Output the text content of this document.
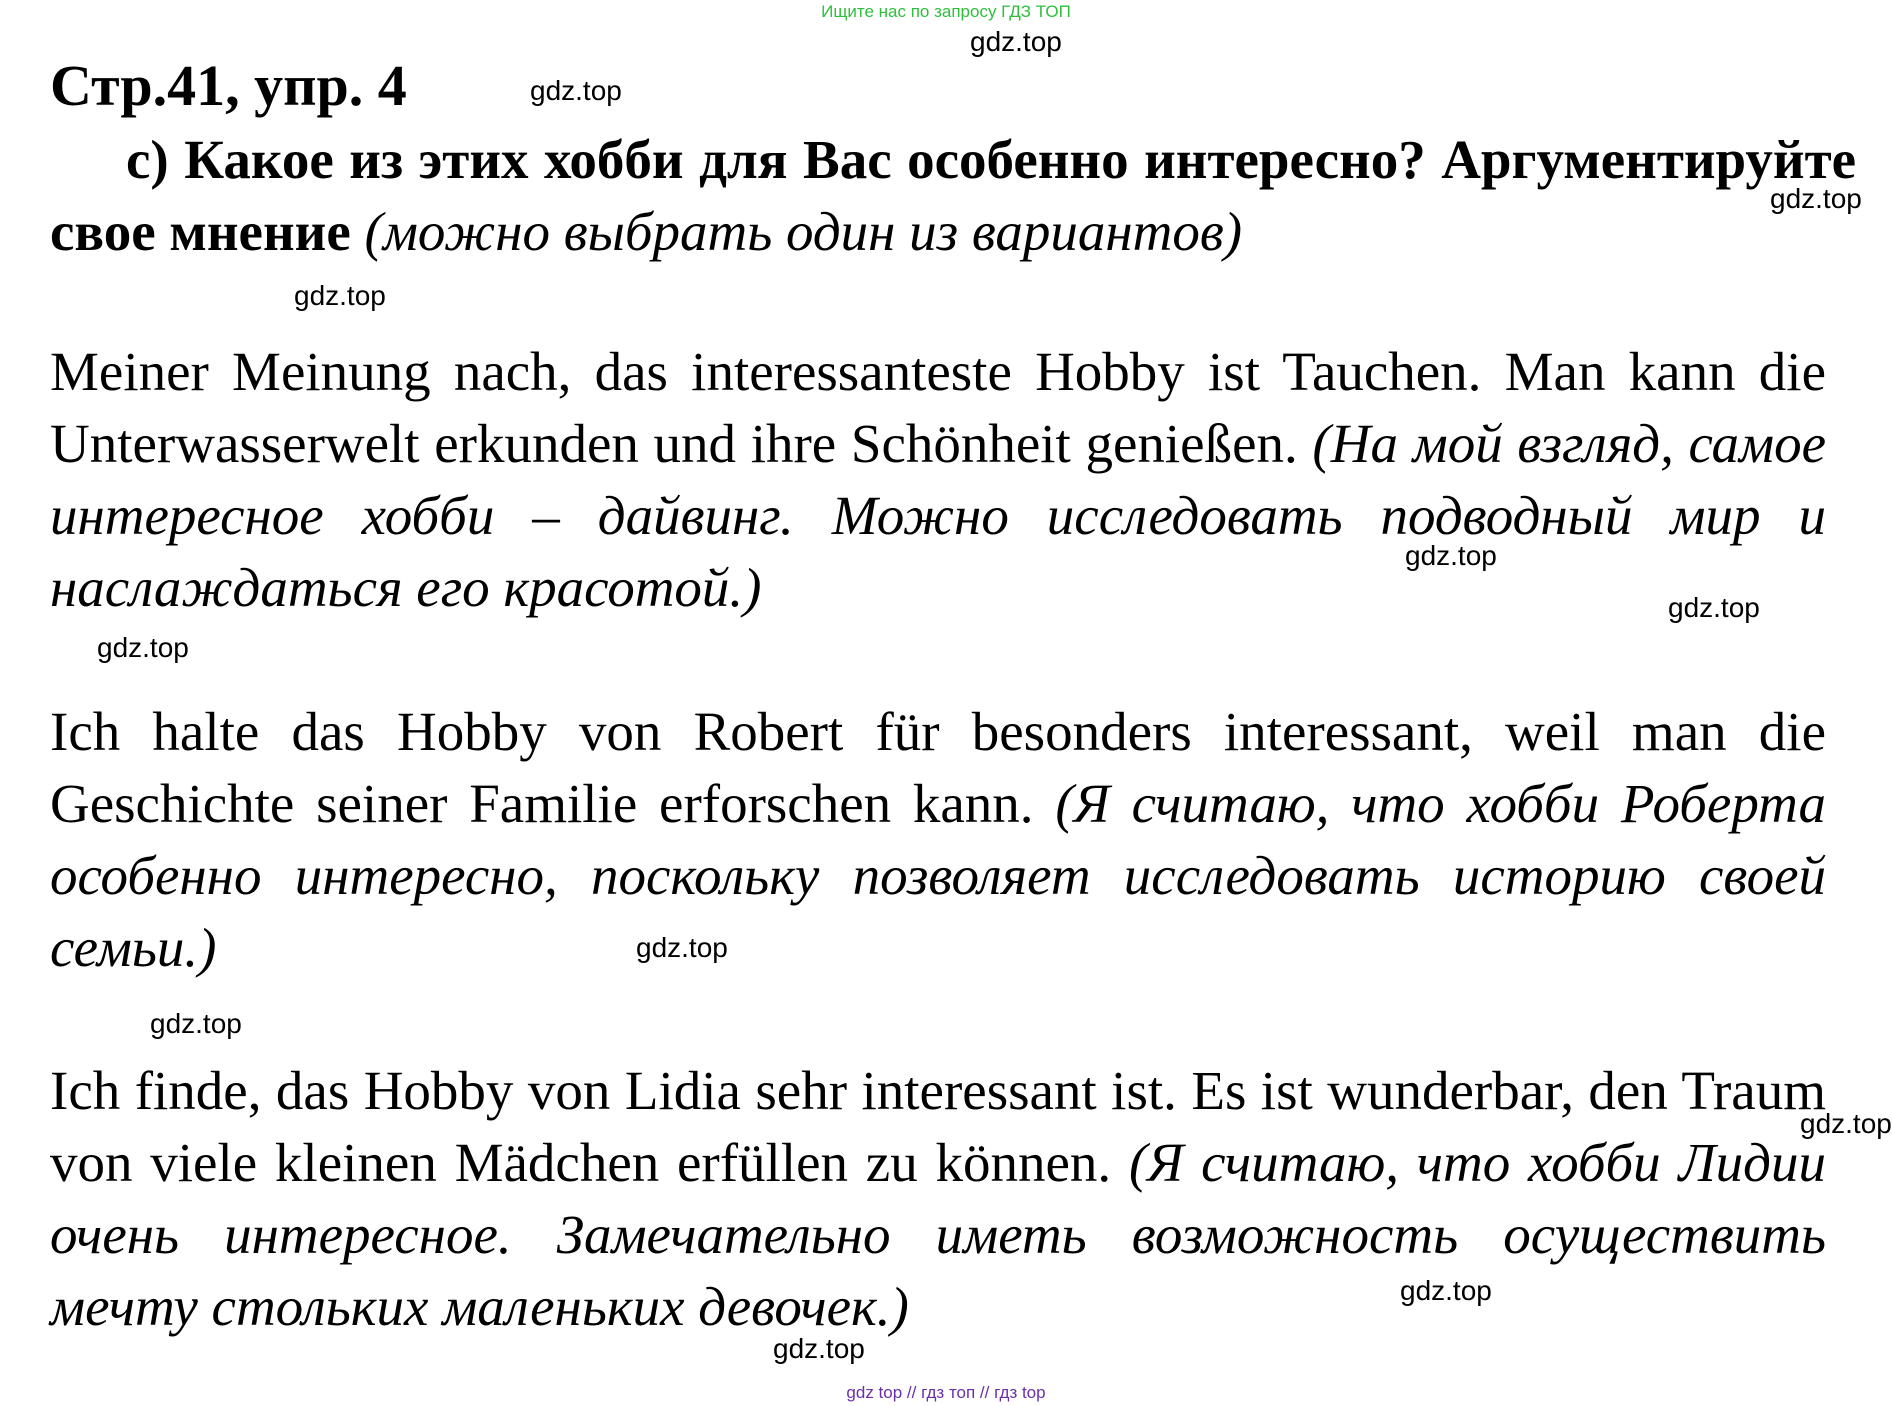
Ищите нас по запросу ГДЗ ТОП
Стр.41, упр. 4
c) Какое из этих хобби для Вас особенно интересно? Аргументируйте свое мнение (можно выбрать один из вариантов)
Meiner Meinung nach, das interessanteste Hobby ist Tauchen. Man kann die Unterwasserwelt erkunden und ihre Schönheit genießen. (На мой взгляд, самое интересное хобби – дайвинг. Можно исследовать подводный мир и наслаждаться его красотой.)
Ich halte das Hobby von Robert für besonders interessant, weil man die Geschichte seiner Familie erforschen kann. (Я считаю, что хобби Роберта особенно интересно, поскольку позволяет исследовать историю своей семьи.)
Ich finde, das Hobby von Lidia sehr interessant ist. Es ist wunderbar, den Traum von viele kleinen Mädchen erfüllen zu können. (Я считаю, что хобби Лидии очень интересное. Замечательно иметь возможность осуществить мечту стольких маленьких девочек.)
gdz.top
gdz.top
gdz.top
gdz.top
gdz.top
gdz.top
gdz.top
gdz.top
gdz.top
gdz.top
gdz.top
gdz.top
gdz top // гдз топ // гдз top
